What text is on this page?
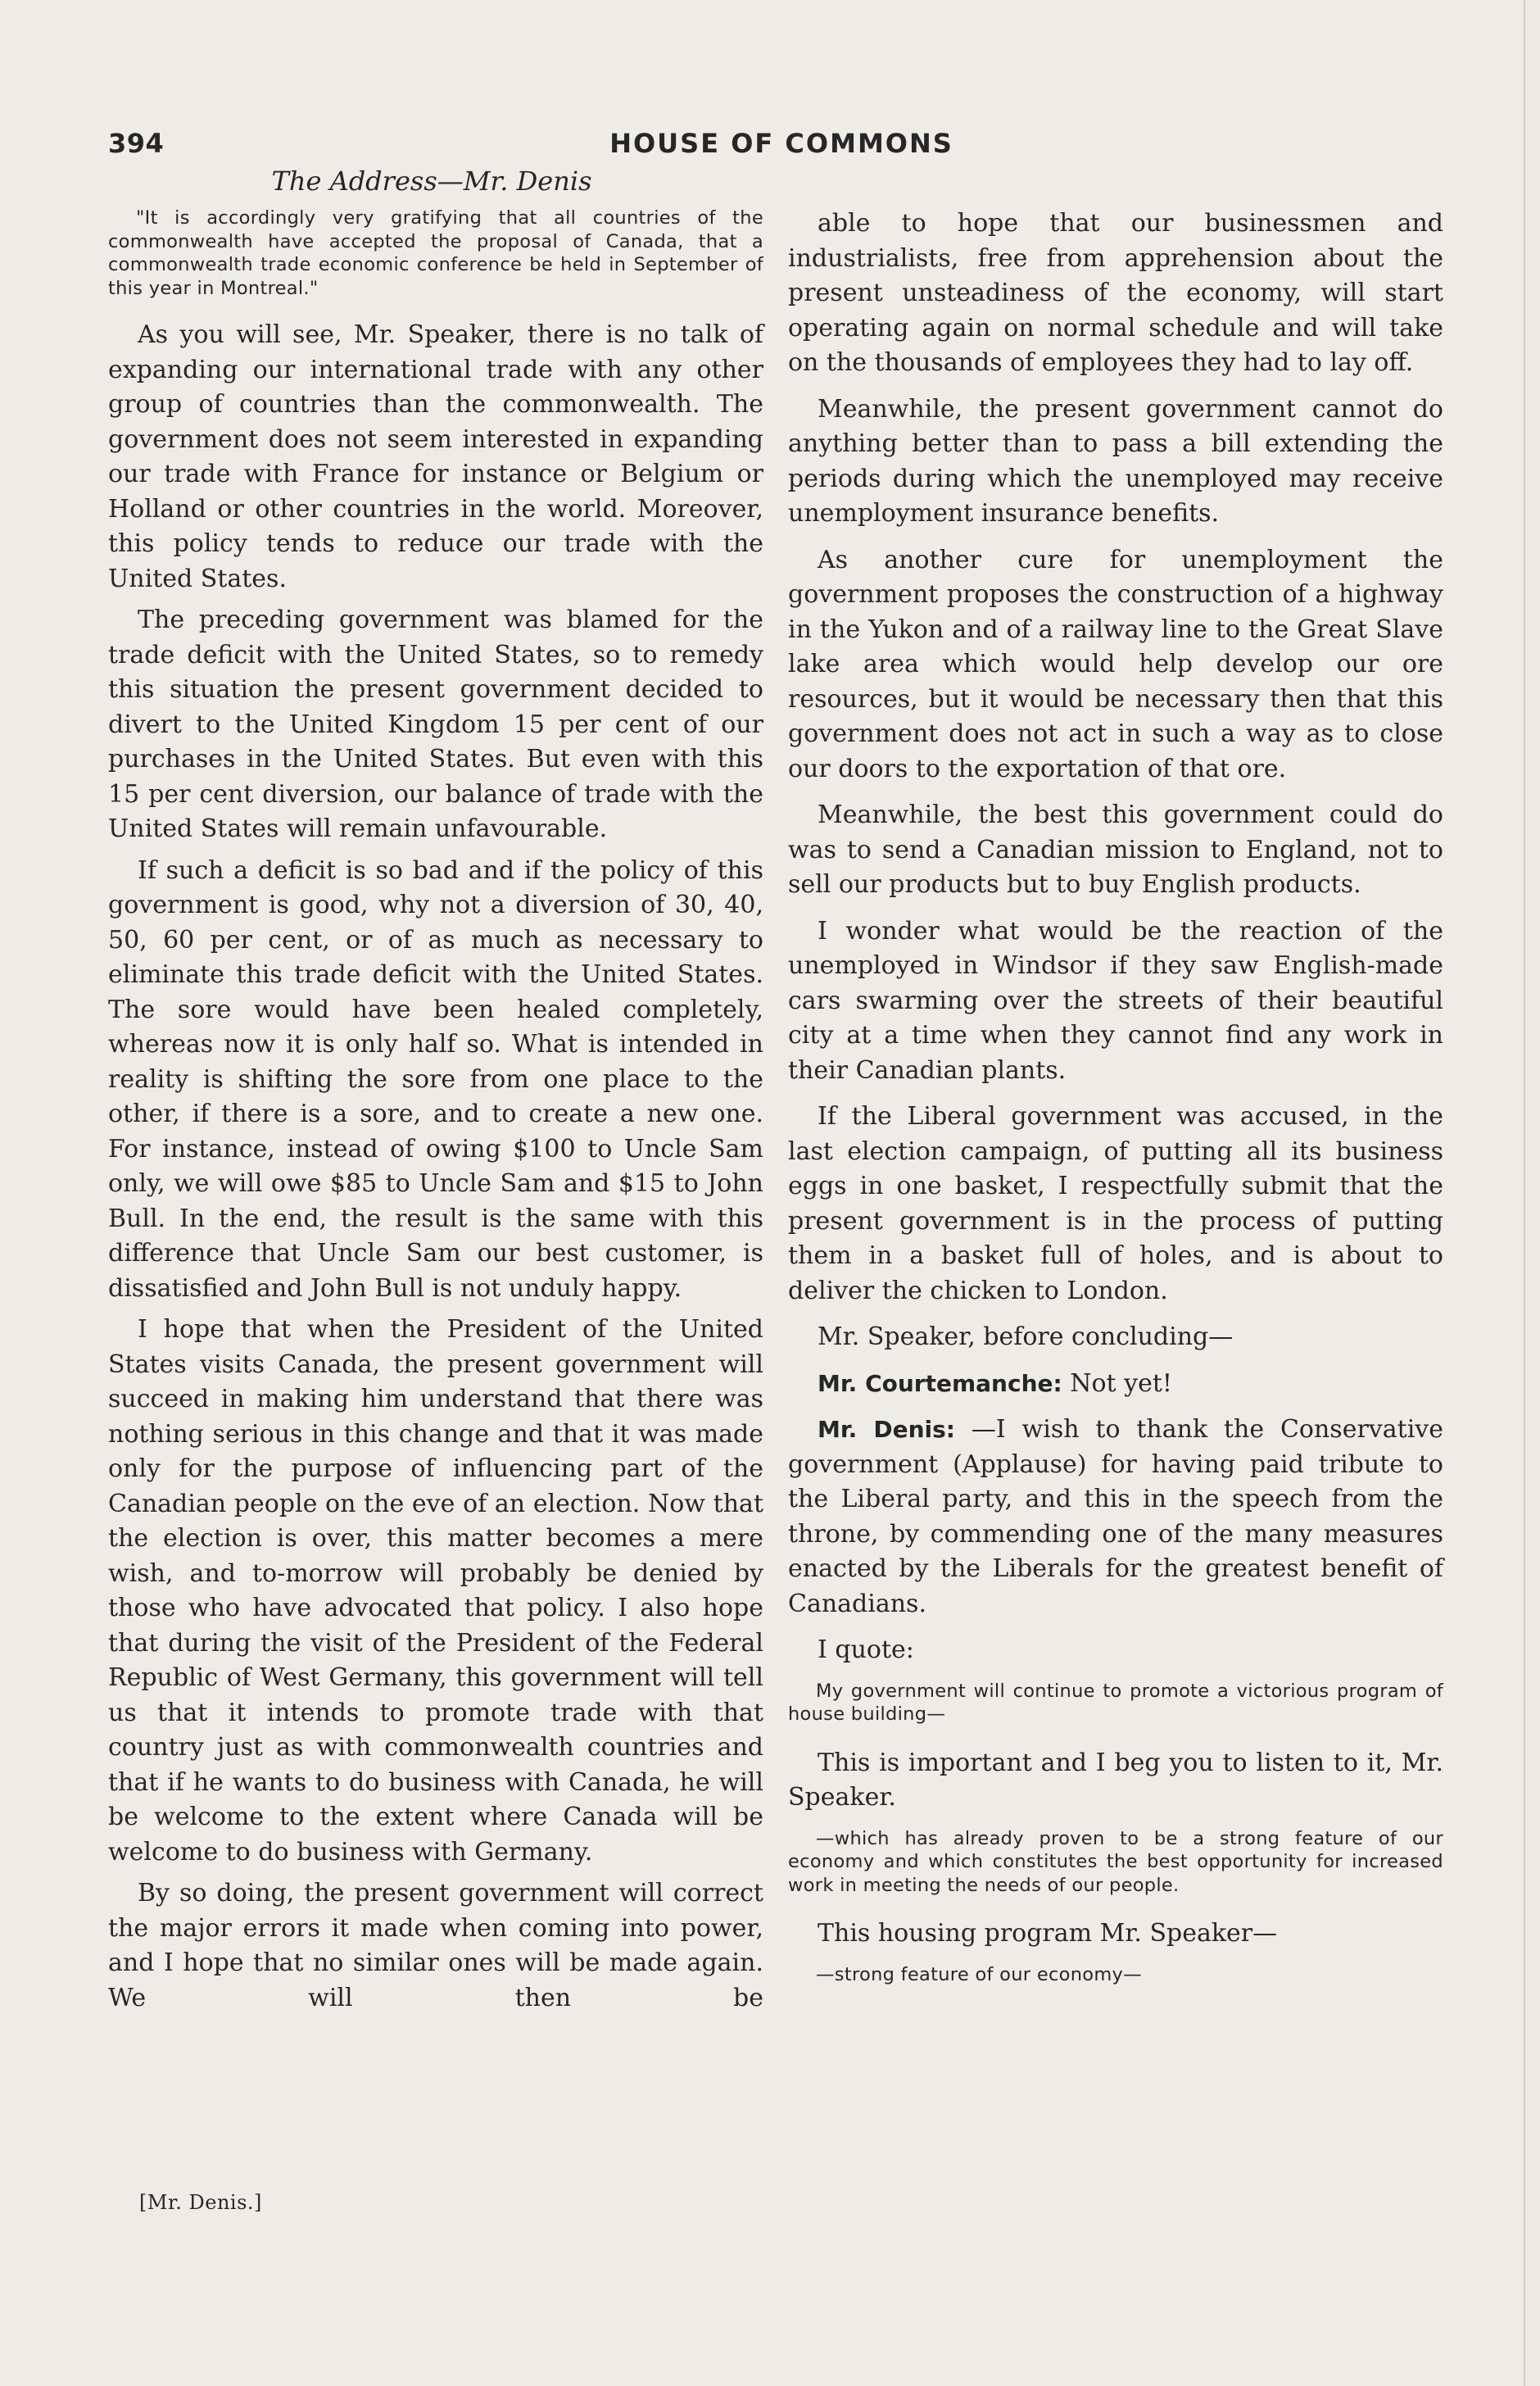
394	HOUSE OF COMMONS
The Address—Mr. Denis

"It is accordingly very gratifying that all countries of the commonwealth have accepted the proposal of Canada, that a commonwealth trade economic conference be held in September of this year in Montreal."

As you will see, Mr. Speaker, there is no talk of expanding our international trade with any other group of countries than the commonwealth. The government does not seem interested in expanding our trade with France for instance or Belgium or Holland or other countries in the world. Moreover, this policy tends to reduce our trade with the United States.

The preceding government was blamed for the trade deficit with the United States, so to remedy this situation the present government decided to divert to the United Kingdom 15 per cent of our purchases in the United States. But even with this 15 per cent diversion, our balance of trade with the United States will remain unfavourable.

If such a deficit is so bad and if the policy of this government is good, why not a diversion of 30, 40, 50, 60 per cent, or of as much as necessary to eliminate this trade deficit with the United States. The sore would have been healed completely, whereas now it is only half so. What is intended in reality is shifting the sore from one place to the other, if there is a sore, and to create a new one. For instance, instead of owing $100 to Uncle Sam only, we will owe $85 to Uncle Sam and $15 to John Bull. In the end, the result is the same with this difference that Uncle Sam our best customer, is dissatisfied and John Bull is not unduly happy.

I hope that when the President of the United States visits Canada, the present government will succeed in making him understand that there was nothing serious in this change and that it was made only for the purpose of influencing part of the Canadian people on the eve of an election. Now that the election is over, this matter becomes a mere wish, and to-morrow will probably be denied by those who have advocated that policy. I also hope that during the visit of the President of the Federal Republic of West Germany, this government will tell us that it intends to promote trade with that country just as with commonwealth countries and that if he wants to do business with Canada, he will be welcome to the extent where Canada will be welcome to do business with Germany.

By so doing, the present government will correct the major errors it made when coming into power, and I hope that no similar ones will be made again. We will then be

[Mr. Denis.]

able to hope that our businessmen and industrialists, free from apprehension about the present unsteadiness of the economy, will start operating again on normal schedule and will take on the thousands of employees they had to lay off.

Meanwhile, the present government cannot do anything better than to pass a bill extending the periods during which the unemployed may receive unemployment insurance benefits.

As another cure for unemployment the government proposes the construction of a highway in the Yukon and of a railway line to the Great Slave lake area which would help develop our ore resources, but it would be necessary then that this government does not act in such a way as to close our doors to the exportation of that ore.

Meanwhile, the best this government could do was to send a Canadian mission to England, not to sell our products but to buy English products.

I wonder what would be the reaction of the unemployed in Windsor if they saw English-made cars swarming over the streets of their beautiful city at a time when they cannot find any work in their Canadian plants.

If the Liberal government was accused, in the last election campaign, of putting all its business eggs in one basket, I respectfully submit that the present government is in the process of putting them in a basket full of holes, and is about to deliver the chicken to London.

Mr. Speaker, before concluding—

Mr. Courtemanche: Not yet!

Mr. Denis: —I wish to thank the Conservative government (Applause) for having paid tribute to the Liberal party, and this in the speech from the throne, by commending one of the many measures enacted by the Liberals for the greatest benefit of Canadians.

I quote:

My government will continue to promote a victorious program of house building—

This is important and I beg you to listen to it, Mr. Speaker.

—which has already proven to be a strong feature of our economy and which constitutes the best opportunity for increased work in meeting the needs of our people.

This housing program Mr. Speaker—

—strong feature of our economy—
